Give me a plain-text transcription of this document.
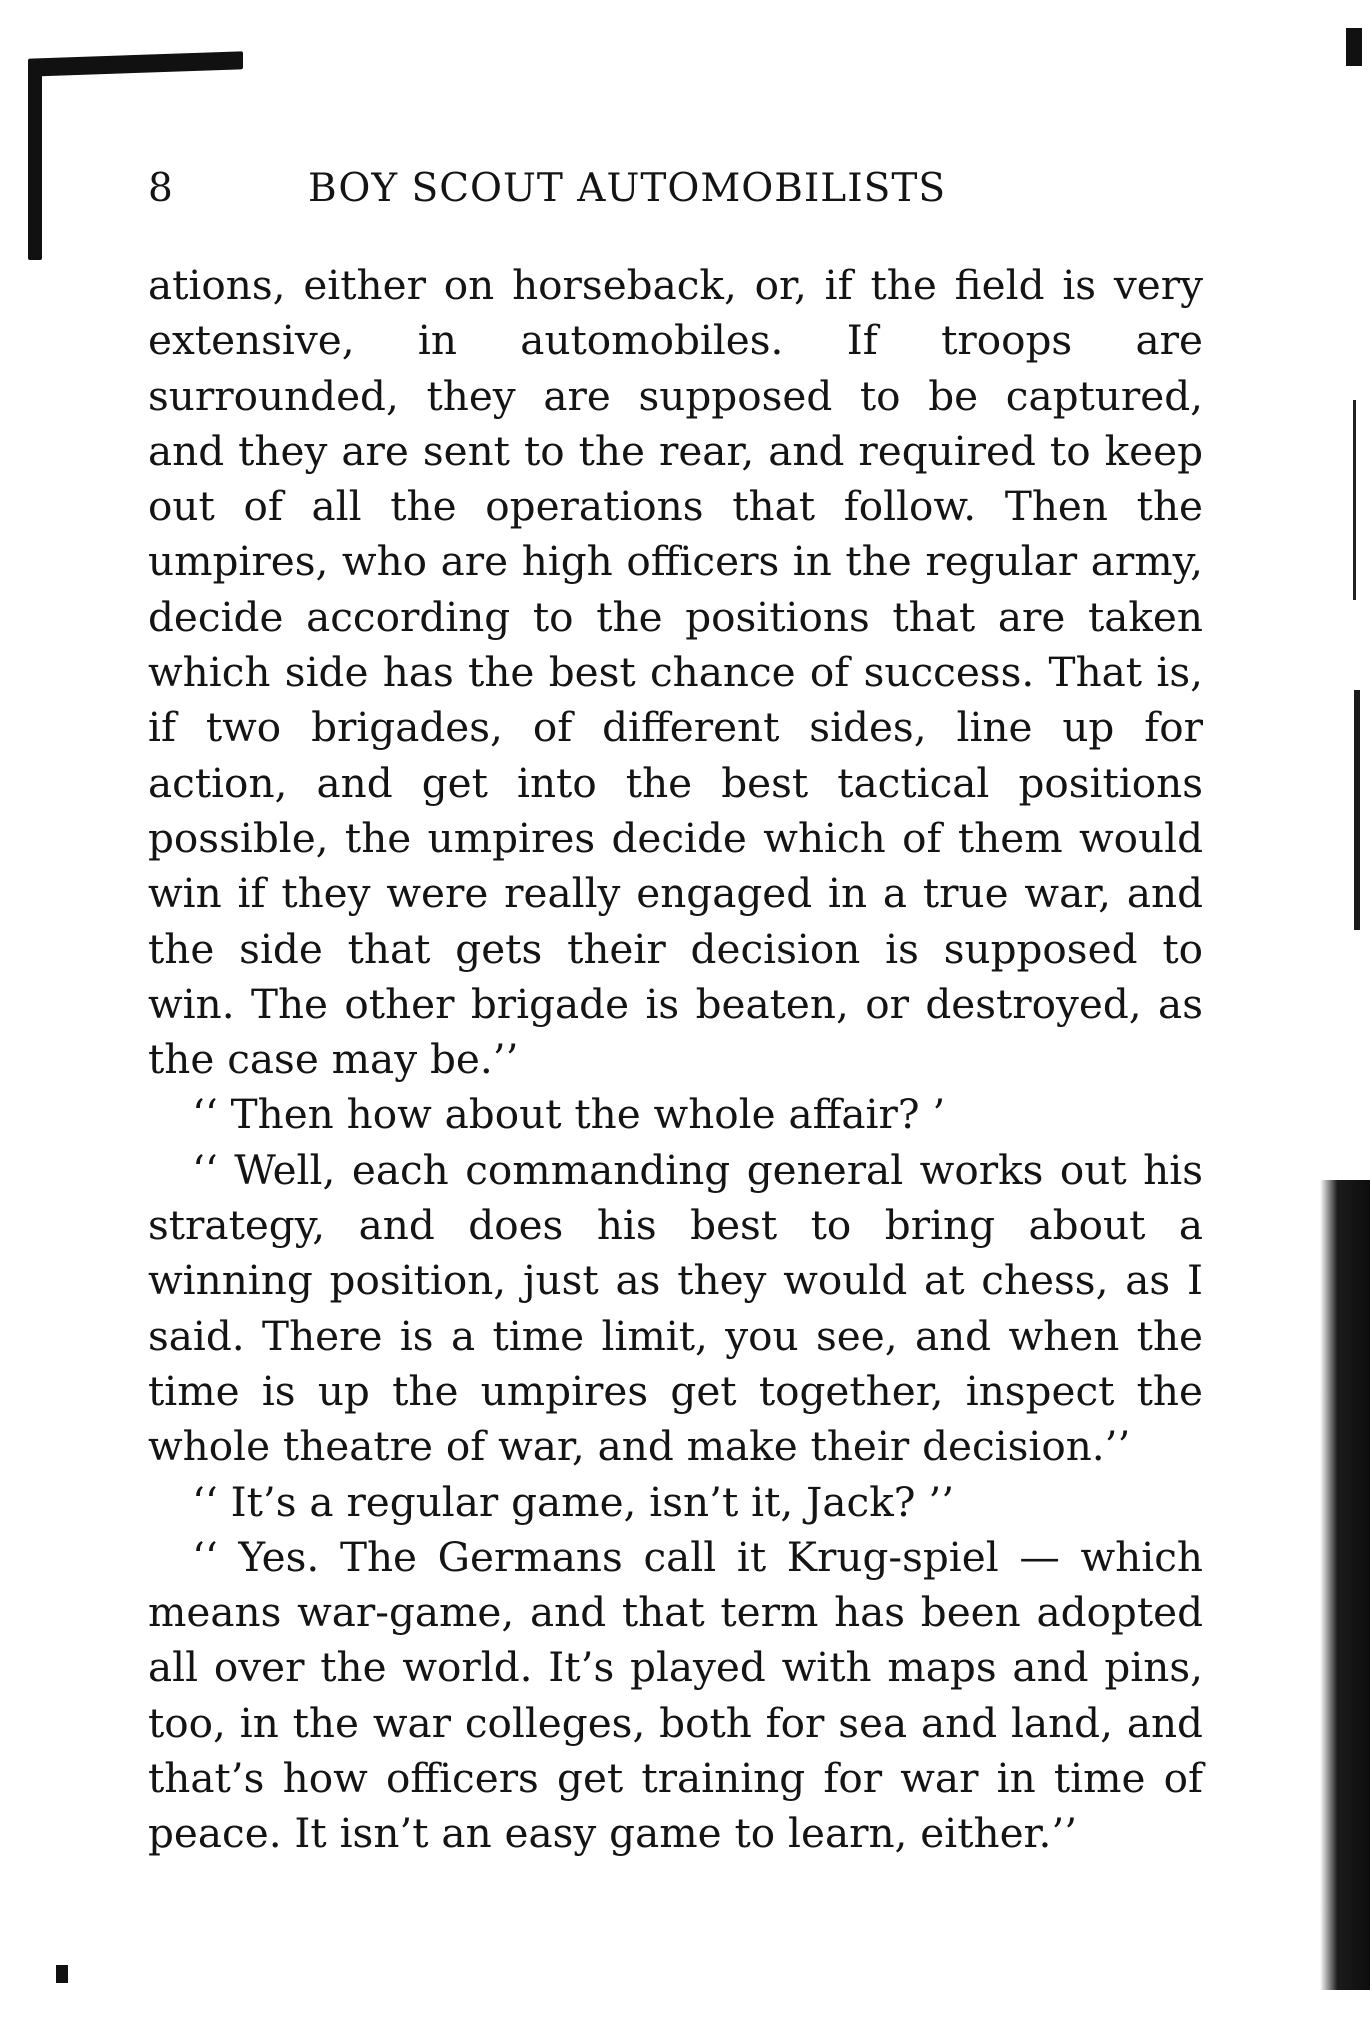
8	BOY SCOUT AUTOMOBILISTS

ations, either on horseback, or, if the field is very extensive, in automobiles. If troops are surrounded, they are supposed to be captured, and they are sent to the rear, and required to keep out of all the operations that follow. Then the umpires, who are high officers in the regular army, decide according to the positions that are taken which side has the best chance of success. That is, if two brigades, of different sides, line up for action, and get into the best tactical positions possible, the umpires decide which of them would win if they were really engaged in a true war, and the side that gets their decision is supposed to win. The other brigade is beaten, or destroyed, as the case may be.’’

‘‘ Then how about the whole affair? ’

‘‘ Well, each commanding general works out his strategy, and does his best to bring about a winning position, just as they would at chess, as I said. There is a time limit, you see, and when the time is up the umpires get together, inspect the whole theatre of war, and make their decision.’’

‘‘ It’s a regular game, isn’t it, Jack? ’’

‘‘ Yes. The Germans call it Krug-spiel — which means war-game, and that term has been adopted all over the world. It’s played with maps and pins, too, in the war colleges, both for sea and land, and that’s how officers get training for war in time of peace. It isn’t an easy game to learn, either.’’
